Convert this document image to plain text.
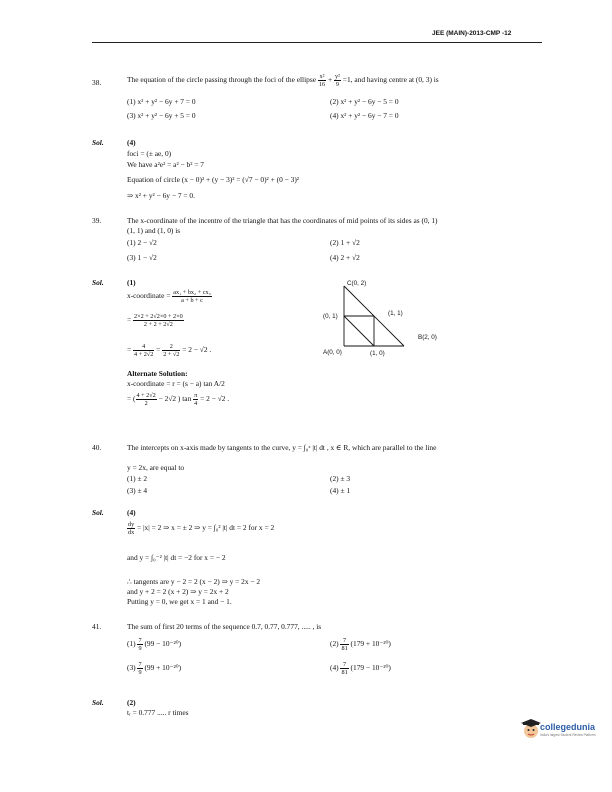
JEE (MAIN)-2013-CMP -12
38.	The equation of the circle passing through the foci of the ellipse $\frac{\text{x²}}{16} + \frac{\text{y²}}{9} =1$, and having centre at (0, 3) is
(1) x² + y² − 6y + 7 = 0	(2) x² + y² − 6y − 5 = 0
(3) x² + y² − 6y + 5 = 0	(4) x² + y² − 6y − 7 = 0
Sol.	(4)
foci = (± ae, 0)
We have a²e² = a² − b² = 7
Equation of circle (x − 0)² + (y − 3)² = (√7 − 0)² + (0 − 3)²
⇒ x² + y² − 6y − 7 = 0.
39.	The x-coordinate of the incentre of the triangle that has the coordinates of mid points of its sides as (0, 1)
(1, 1) and (1, 0) is
(1) 2 − √2	(2) 1 + √2
(3) 1 − √2	(4) 2 + √2
Sol.	(1)
x-coordinate = $\frac{\text{ax₁ + bx₂ + cx₃}}{a + b + c}$
= $\frac{2\times 2 + 2√2\times 0 + 2\times 0}{2 + 2 + 2√2}$
= $\frac{4}{4 + 2√2} = \frac{2}{2 + √2} = 2 - √2$ .
Alternate Solution:
x-coordinate = r = (s − a) tan A/2
= ( $\frac{4 + 2√2}{2} - 2√2$ ) $\tan \frac{\pi}{4} = 2 - √2$ .
C(0, 2)
(0, 1)	(1, 1)
B(2, 0)
A(0, 0)	(1, 0)
40.	The intercepts on x-axis made by tangents to the curve, y = ∫₀ˣ |t| dt , x ∈ R, which are parallel to the line
y = 2x, are equal to
(1) ± 2	(2) ± 3
(3) ± 4	(4) ± 1
Sol.	(4)
$\frac{dy}{dx} = |x| = 2$ ⇒ x = ± 2 ⇒ y = ∫₀² |t| dt = 2 for x = 2
and y = ∫₀⁻² |t| dt = −2 for x = − 2
∴ tangents are y − 2 = 2 (x − 2) ⇒ y = 2x − 2
and y + 2 = 2 (x + 2) ⇒ y = 2x + 2
Putting y = 0, we get x = 1 and − 1.
41.	The sum of first 20 terms of the sequence 0.7, 0.77, 0.777, ..... , is
$(1) \frac{7}{9} (99 - 10^{-20})$	$(2) \frac{7}{81} (179 + 10^{-20})$
$(3) \frac{7}{9} (99 + 10^{-20})$	$(4) \frac{7}{81} (179 - 10^{-20})$
Sol.	(2)
tᵣ = 0.777 ..... r times
collegedunia
India's largest Student Review Platform
